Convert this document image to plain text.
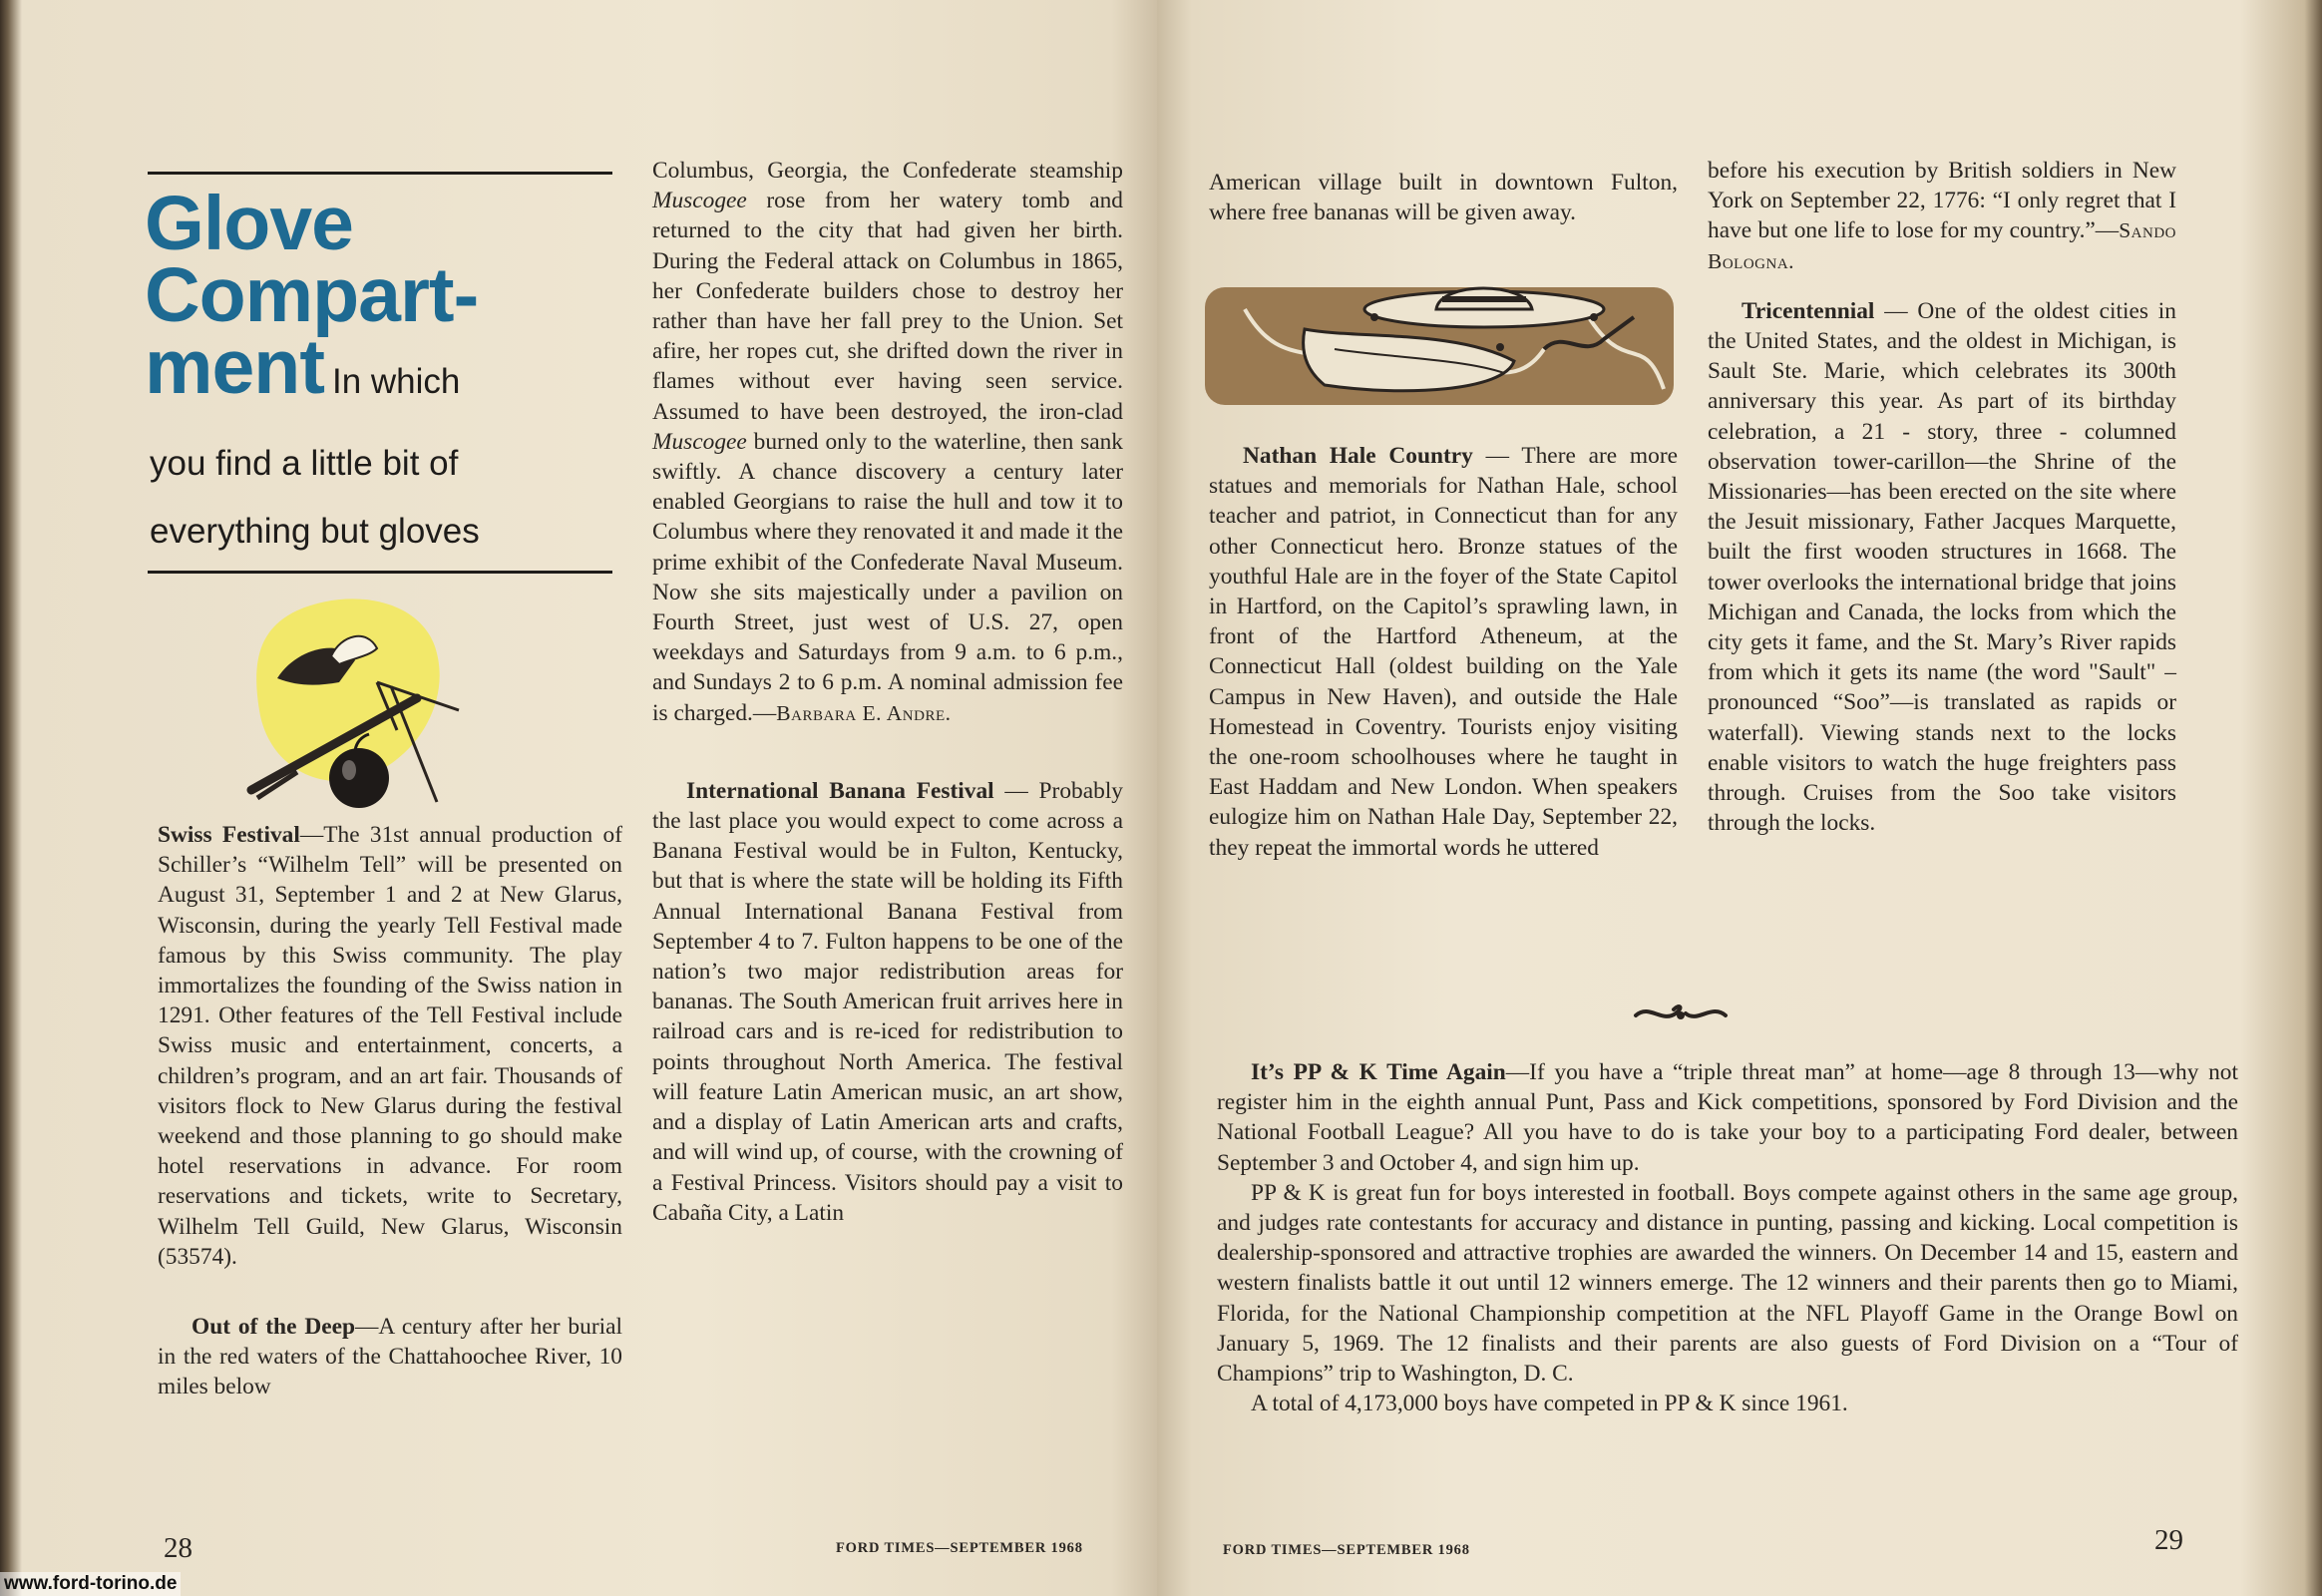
Glove
Compart-
ment In which
you find a little bit of
everything but gloves

Swiss Festival—The 31st annual production of Schiller’s “Wilhelm Tell” will be presented on August 31, September 1 and 2 at New Glarus, Wisconsin, during the yearly Tell Festival made famous by this Swiss community. The play immortalizes the founding of the Swiss nation in 1291. Other features of the Tell Festival include Swiss music and entertainment, concerts, a children’s program, and an art fair. Thousands of visitors flock to New Glarus during the festival weekend and those planning to go should make hotel reservations in advance. For room reservations and tickets, write to Secretary, Wilhelm Tell Guild, New Glarus, Wisconsin (53574).

Out of the Deep—A century after her burial in the red waters of the Chattahoochee River, 10 miles below

Columbus, Georgia, the Confederate steamship Muscogee rose from her watery tomb and returned to the city that had given her birth. During the Federal attack on Columbus in 1865, her Confederate builders chose to destroy her rather than have her fall prey to the Union. Set afire, her ropes cut, she drifted down the river in flames without ever having seen service. Assumed to have been destroyed, the iron-clad Muscogee burned only to the waterline, then sank swiftly. A chance discovery a century later enabled Georgians to raise the hull and tow it to Columbus where they renovated it and made it the prime exhibit of the Confederate Naval Museum. Now she sits majestically under a pavilion on Fourth Street, just west of U.S. 27, open weekdays and Saturdays from 9 a.m. to 6 p.m., and Sundays 2 to 6 p.m. A nominal admission fee is charged.—Barbara E. Andre.

International Banana Festival — Probably the last place you would expect to come across a Banana Festival would be in Fulton, Kentucky, but that is where the state will be holding its Fifth Annual International Banana Festival from September 4 to 7. Fulton happens to be one of the nation’s two major redistribution areas for bananas. The South American fruit arrives here in railroad cars and is re-iced for redistribution to points throughout North America. The festival will feature Latin American music, an art show, and a display of Latin American arts and crafts, and will wind up, of course, with the crowning of a Festival Princess. Visitors should pay a visit to Cabaña City, a Latin

28	FORD TIMES—SEPTEMBER 1968
www.ford-torino.de

American village built in downtown Fulton, where free bananas will be given away.

Nathan Hale Country — There are more statues and memorials for Nathan Hale, school teacher and patriot, in Connecticut than for any other Connecticut hero. Bronze statues of the youthful Hale are in the foyer of the State Capitol in Hartford, on the Capitol’s sprawling lawn, in front of the Hartford Atheneum, at the Connecticut Hall (oldest building on the Yale Campus in New Haven), and outside the Hale Homestead in Coventry. Tourists enjoy visiting the one-room schoolhouses where he taught in East Haddam and New London. When speakers eulogize him on Nathan Hale Day, September 22, they repeat the immortal words he uttered

before his execution by British soldiers in New York on September 22, 1776: “I only regret that I have but one life to lose for my country.”—Sando Bologna.

Tricentennial — One of the oldest cities in the United States, and the oldest in Michigan, is Sault Ste. Marie, which celebrates its 300th anniversary this year. As part of its birthday celebration, a 21 - story, three - columned observation tower-carillon—the Shrine of the Missionaries—has been erected on the site where the Jesuit missionary, Father Jacques Marquette, built the first wooden structures in 1668. The tower overlooks the international bridge that joins Michigan and Canada, the locks from which the city gets it fame, and the St. Mary’s River rapids from which it gets its name (the word "Sault" – pronounced “Soo”—is translated as rapids or waterfall). Viewing stands next to the locks enable visitors to watch the huge freighters pass through. Cruises from the Soo take visitors through the locks.

It’s PP & K Time Again—If you have a “triple threat man” at home—age 8 through 13—why not register him in the eighth annual Punt, Pass and Kick competitions, sponsored by Ford Division and the National Football League? All you have to do is take your boy to a participating Ford dealer, between September 3 and October 4, and sign him up.

PP & K is great fun for boys interested in football. Boys compete against others in the same age group, and judges rate contestants for accuracy and distance in punting, passing and kicking. Local competition is dealership-sponsored and attractive trophies are awarded the winners. On December 14 and 15, eastern and western finalists battle it out until 12 winners emerge. The 12 winners and their parents then go to Miami, Florida, for the National Championship competition at the NFL Playoff Game in the Orange Bowl on January 5, 1969. The 12 finalists and their parents are also guests of Ford Division on a “Tour of Champions” trip to Washington, D. C.

A total of 4,173,000 boys have competed in PP & K since 1961.

FORD TIMES—SEPTEMBER 1968	29
